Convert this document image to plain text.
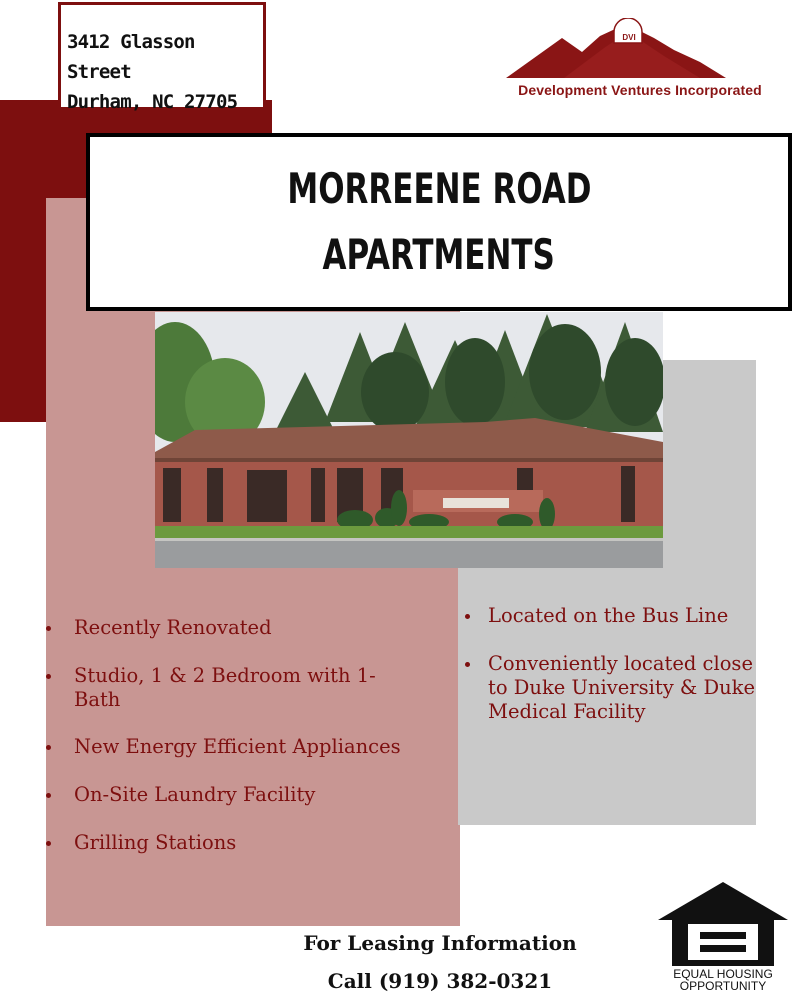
3412 Glasson Street
Durham, NC 27705
DVI
Development Ventures Incorporated
MORREENE ROAD
APARTMENTS
Recently Renovated
Studio, 1 & 2 Bedroom with 1-Bath
New Energy Efficient Appliances
On-Site Laundry Facility
Grilling Stations
Located on the Bus Line
Conveniently located close to Duke University & Duke Medical Facility
For Leasing Information
Call (919) 382-0321	EQUAL HOUSING
OPPORTUNITY
